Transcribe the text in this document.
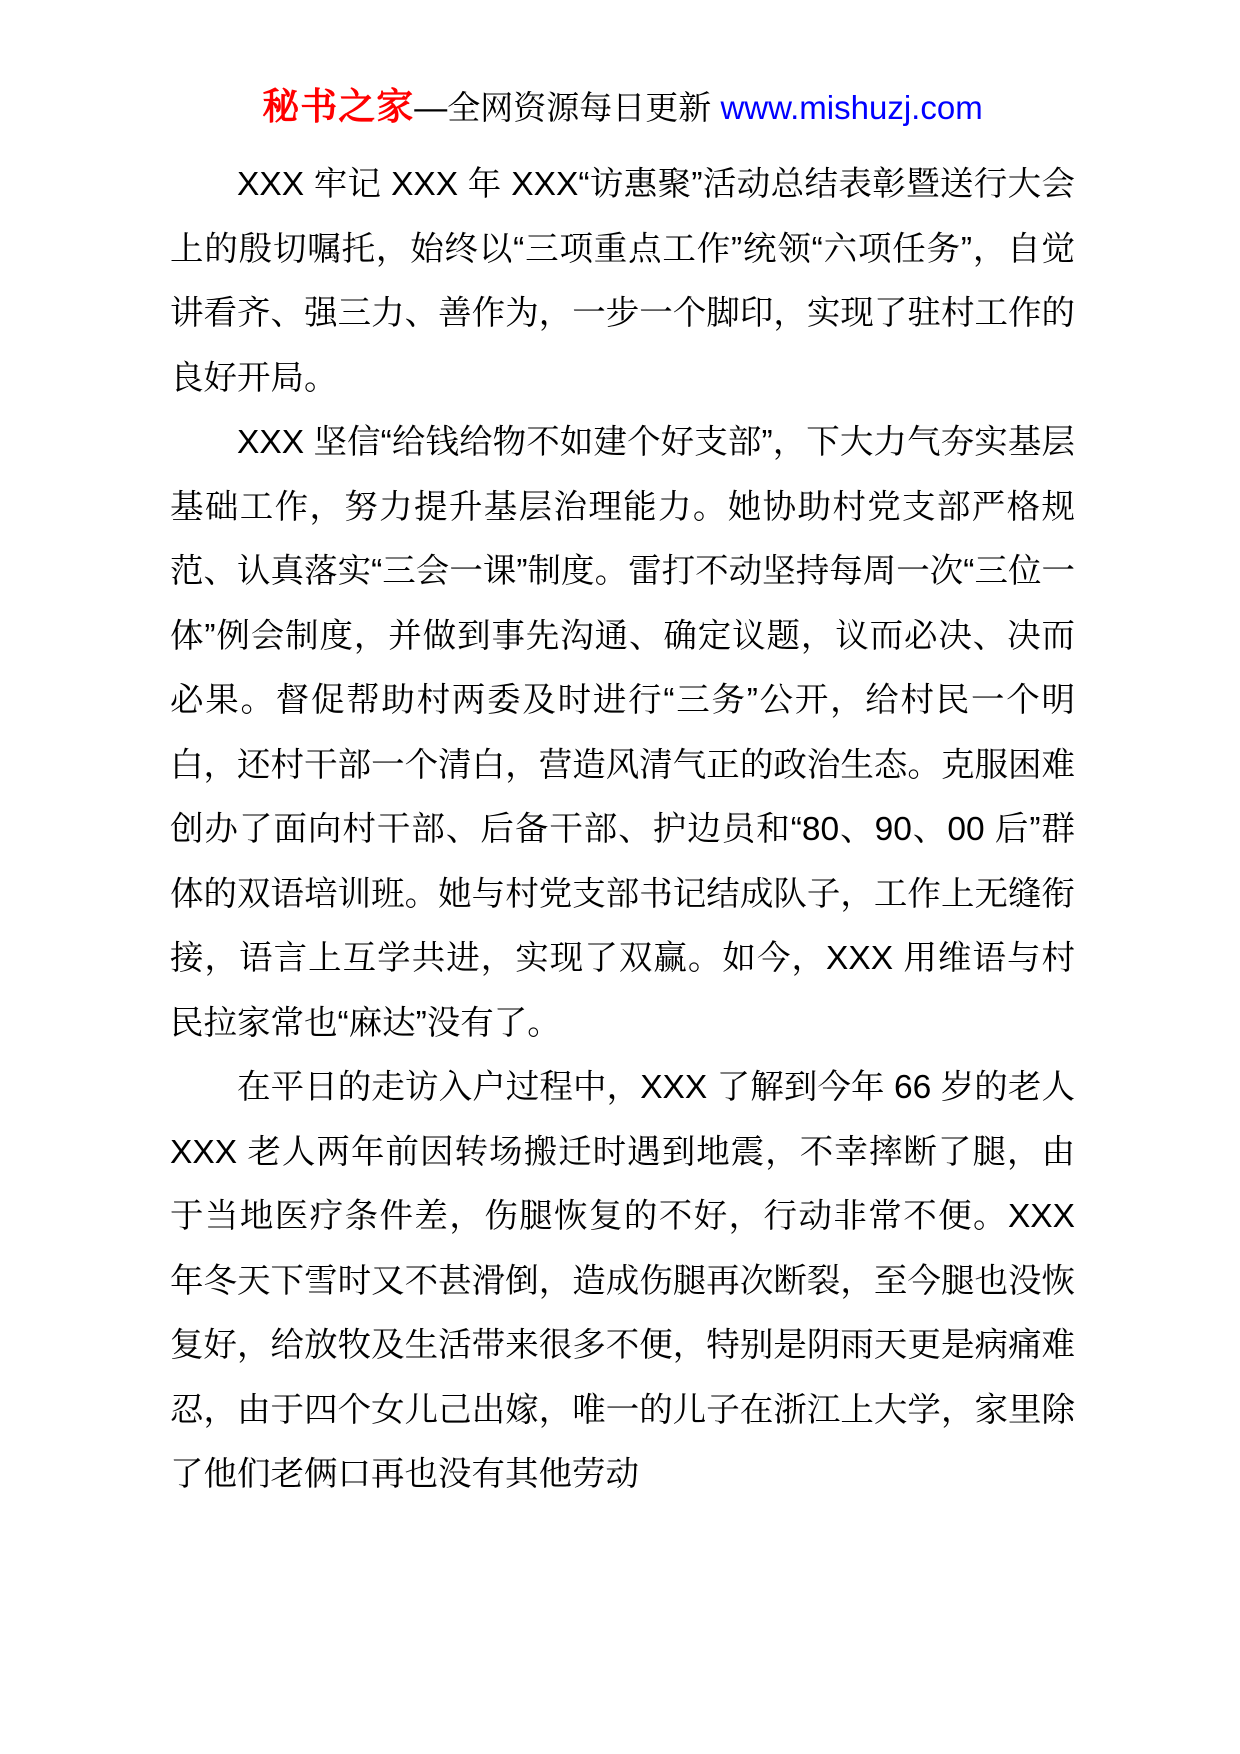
秘书之家—全网资源每日更新 www.mishuzj.com

XXX 牢记 XXX 年 XXX“访惠聚”活动总结表彰暨送行大会上的殷切嘱托，始终以“三项重点工作”统领“六项任务”，自觉讲看齐、强三力、善作为，一步一个脚印，实现了驻村工作的良好开局。

XXX 坚信“给钱给物不如建个好支部”，下大力气夯实基层基础工作，努力提升基层治理能力。她协助村党支部严格规范、认真落实“三会一课”制度。雷打不动坚持每周一次“三位一体”例会制度，并做到事先沟通、确定议题，议而必决、决而必果。督促帮助村两委及时进行“三务”公开，给村民一个明白，还村干部一个清白，营造风清气正的政治生态。克服困难创办了面向村干部、后备干部、护边员和“80、90、00 后”群体的双语培训班。她与村党支部书记结成队子，工作上无缝衔接，语言上互学共进，实现了双赢。如今，XXX 用维语与村民拉家常也“麻达”没有了。

在平日的走访入户过程中，XXX 了解到今年 66 岁的老人 XXX 老人两年前因转场搬迁时遇到地震，不幸摔断了腿，由于当地医疗条件差，伤腿恢复的不好，行动非常不便。XXX 年冬天下雪时又不甚滑倒，造成伤腿再次断裂，至今腿也没恢复好，给放牧及生活带来很多不便，特别是阴雨天更是病痛难忍，由于四个女儿己出嫁，唯一的儿子在浙江上大学，家里除了他们老俩口再也没有其他劳动
